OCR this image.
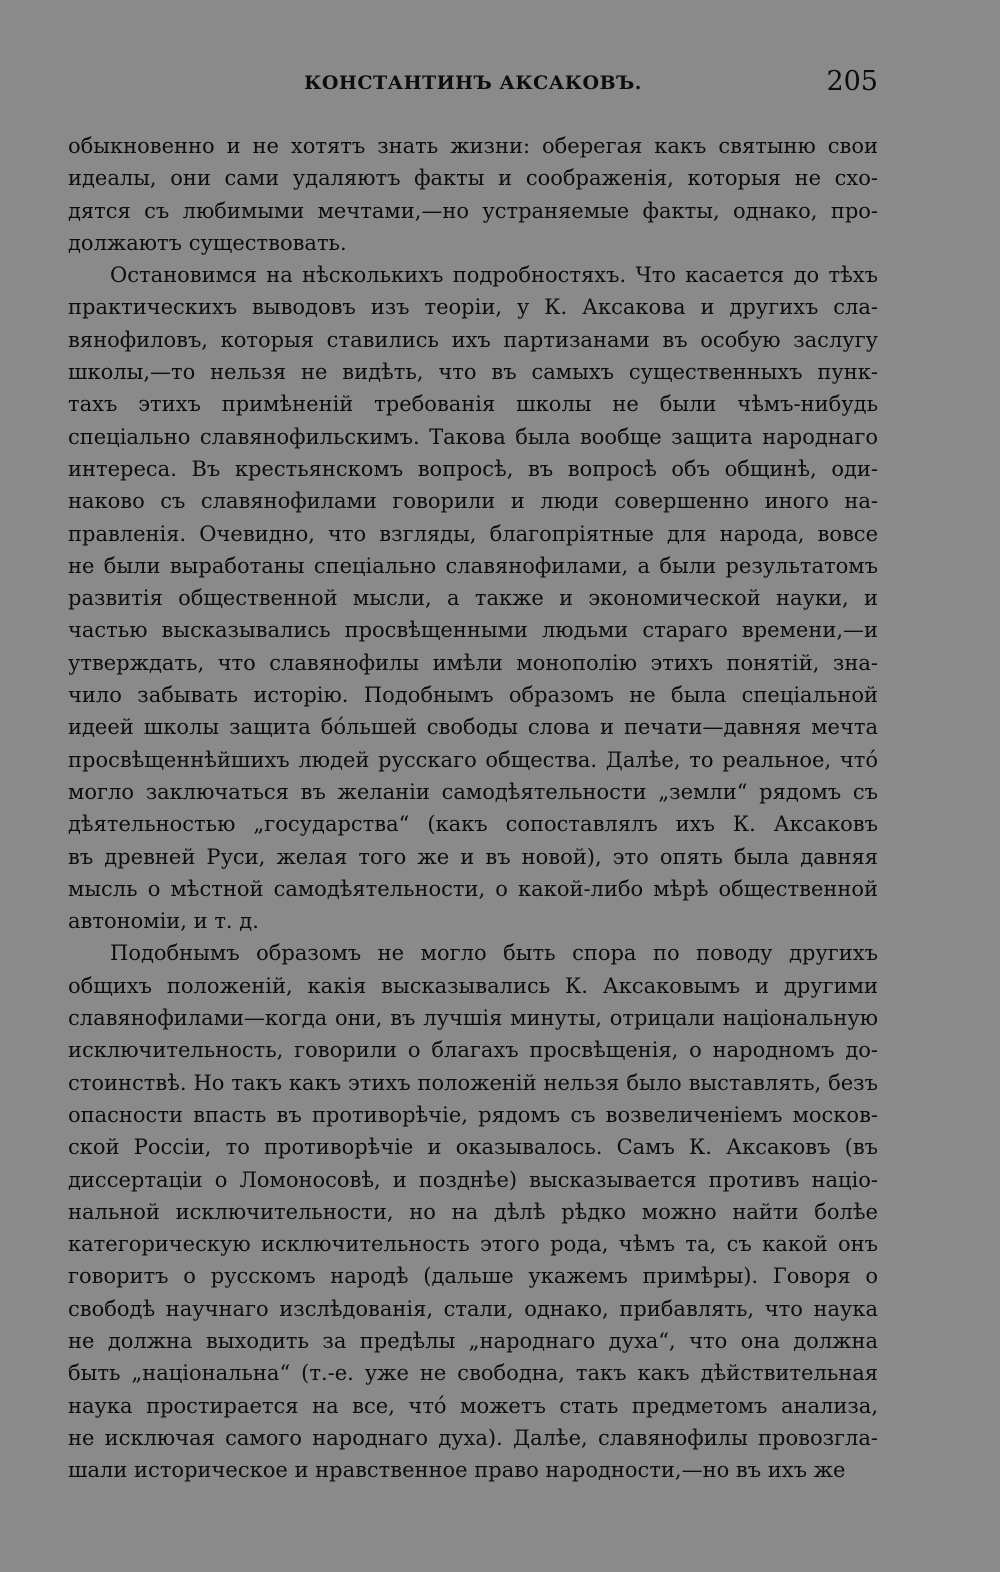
КОНСТАНТИНЪ АКСАКОВЪ.	205
обыкновенно и не хотятъ знать жизни: оберегая какъ святыню свои
идеалы, они сами удаляютъ факты и соображенія, которыя не схо-
дятся съ любимыми мечтами,—но устраняемые факты, однако, про-
должаютъ существовать.
Остановимся на нѣсколькихъ подробностяхъ. Что касается до тѣхъ
практическихъ выводовъ изъ теоріи, у К. Аксакова и другихъ сла-
вянофиловъ, которыя ставились ихъ партизанами въ особую заслугу
школы,—то нельзя не видѣть, что въ самыхъ существенныхъ пунк-
тахъ этихъ примѣненій требованія школы не были чѣмъ-нибудь
спеціально славянофильскимъ. Такова была вообще защита народнаго
интереса. Въ крестьянскомъ вопросѣ, въ вопросѣ объ общинѣ, оди-
наково съ славянофилами говорили и люди совершенно иного на-
правленія. Очевидно, что взгляды, благопріятные для народа, вовсе
не были выработаны спеціально славянофилами, а были результатомъ
развитія общественной мысли, а также и экономической науки, и
частью высказывались просвѣщенными людьми стараго времени,—и
утверждать, что славянофилы имѣли монополію этихъ понятій, зна-
чило забывать исторію. Подобнымъ образомъ не была спеціальной
идеей школы защита бо́льшей свободы слова и печати—давняя мечта
просвѣщеннѣйшихъ людей русскаго общества. Далѣе, то реальное, что́
могло заключаться въ желаніи самодѣятельности „земли“ рядомъ съ
дѣятельностью „государства“ (какъ сопоставлялъ ихъ К. Аксаковъ
въ древней Руси, желая того же и въ новой), это опять была давняя
мысль о мѣстной самодѣятельности, о какой-либо мѣрѣ общественной
автономіи, и т. д.
Подобнымъ образомъ не могло быть спора по поводу другихъ
общихъ положеній, какія высказывались К. Аксаковымъ и другими
славянофилами—когда они, въ лучшія минуты, отрицали національную
исключительность, говорили о благахъ просвѣщенія, о народномъ до-
стоинствѣ. Но такъ какъ этихъ положеній нельзя было выставлять, безъ
опасности впасть въ противорѣчіе, рядомъ съ возвеличеніемъ москов-
ской Россіи, то противорѣчіе и оказывалось. Самъ К. Аксаковъ (въ
диссертаціи о Ломоносовѣ, и позднѣе) высказывается противъ націо-
нальной исключительности, но на дѣлѣ рѣдко можно найти болѣе
категорическую исключительность этого рода, чѣмъ та, съ какой онъ
говоритъ о русскомъ народѣ (дальше укажемъ примѣры). Говоря о
свободѣ научнаго изслѣдованія, стали, однако, прибавлять, что наука
не должна выходить за предѣлы „народнаго духа“, что она должна
быть „національна“ (т.-е. уже не свободна, такъ какъ дѣйствительная
наука простирается на все, что́ можетъ стать предметомъ анализа,
не исключая самого народнаго духа). Далѣе, славянофилы провозгла-
шали историческое и нравственное право народности,—но въ ихъ же
